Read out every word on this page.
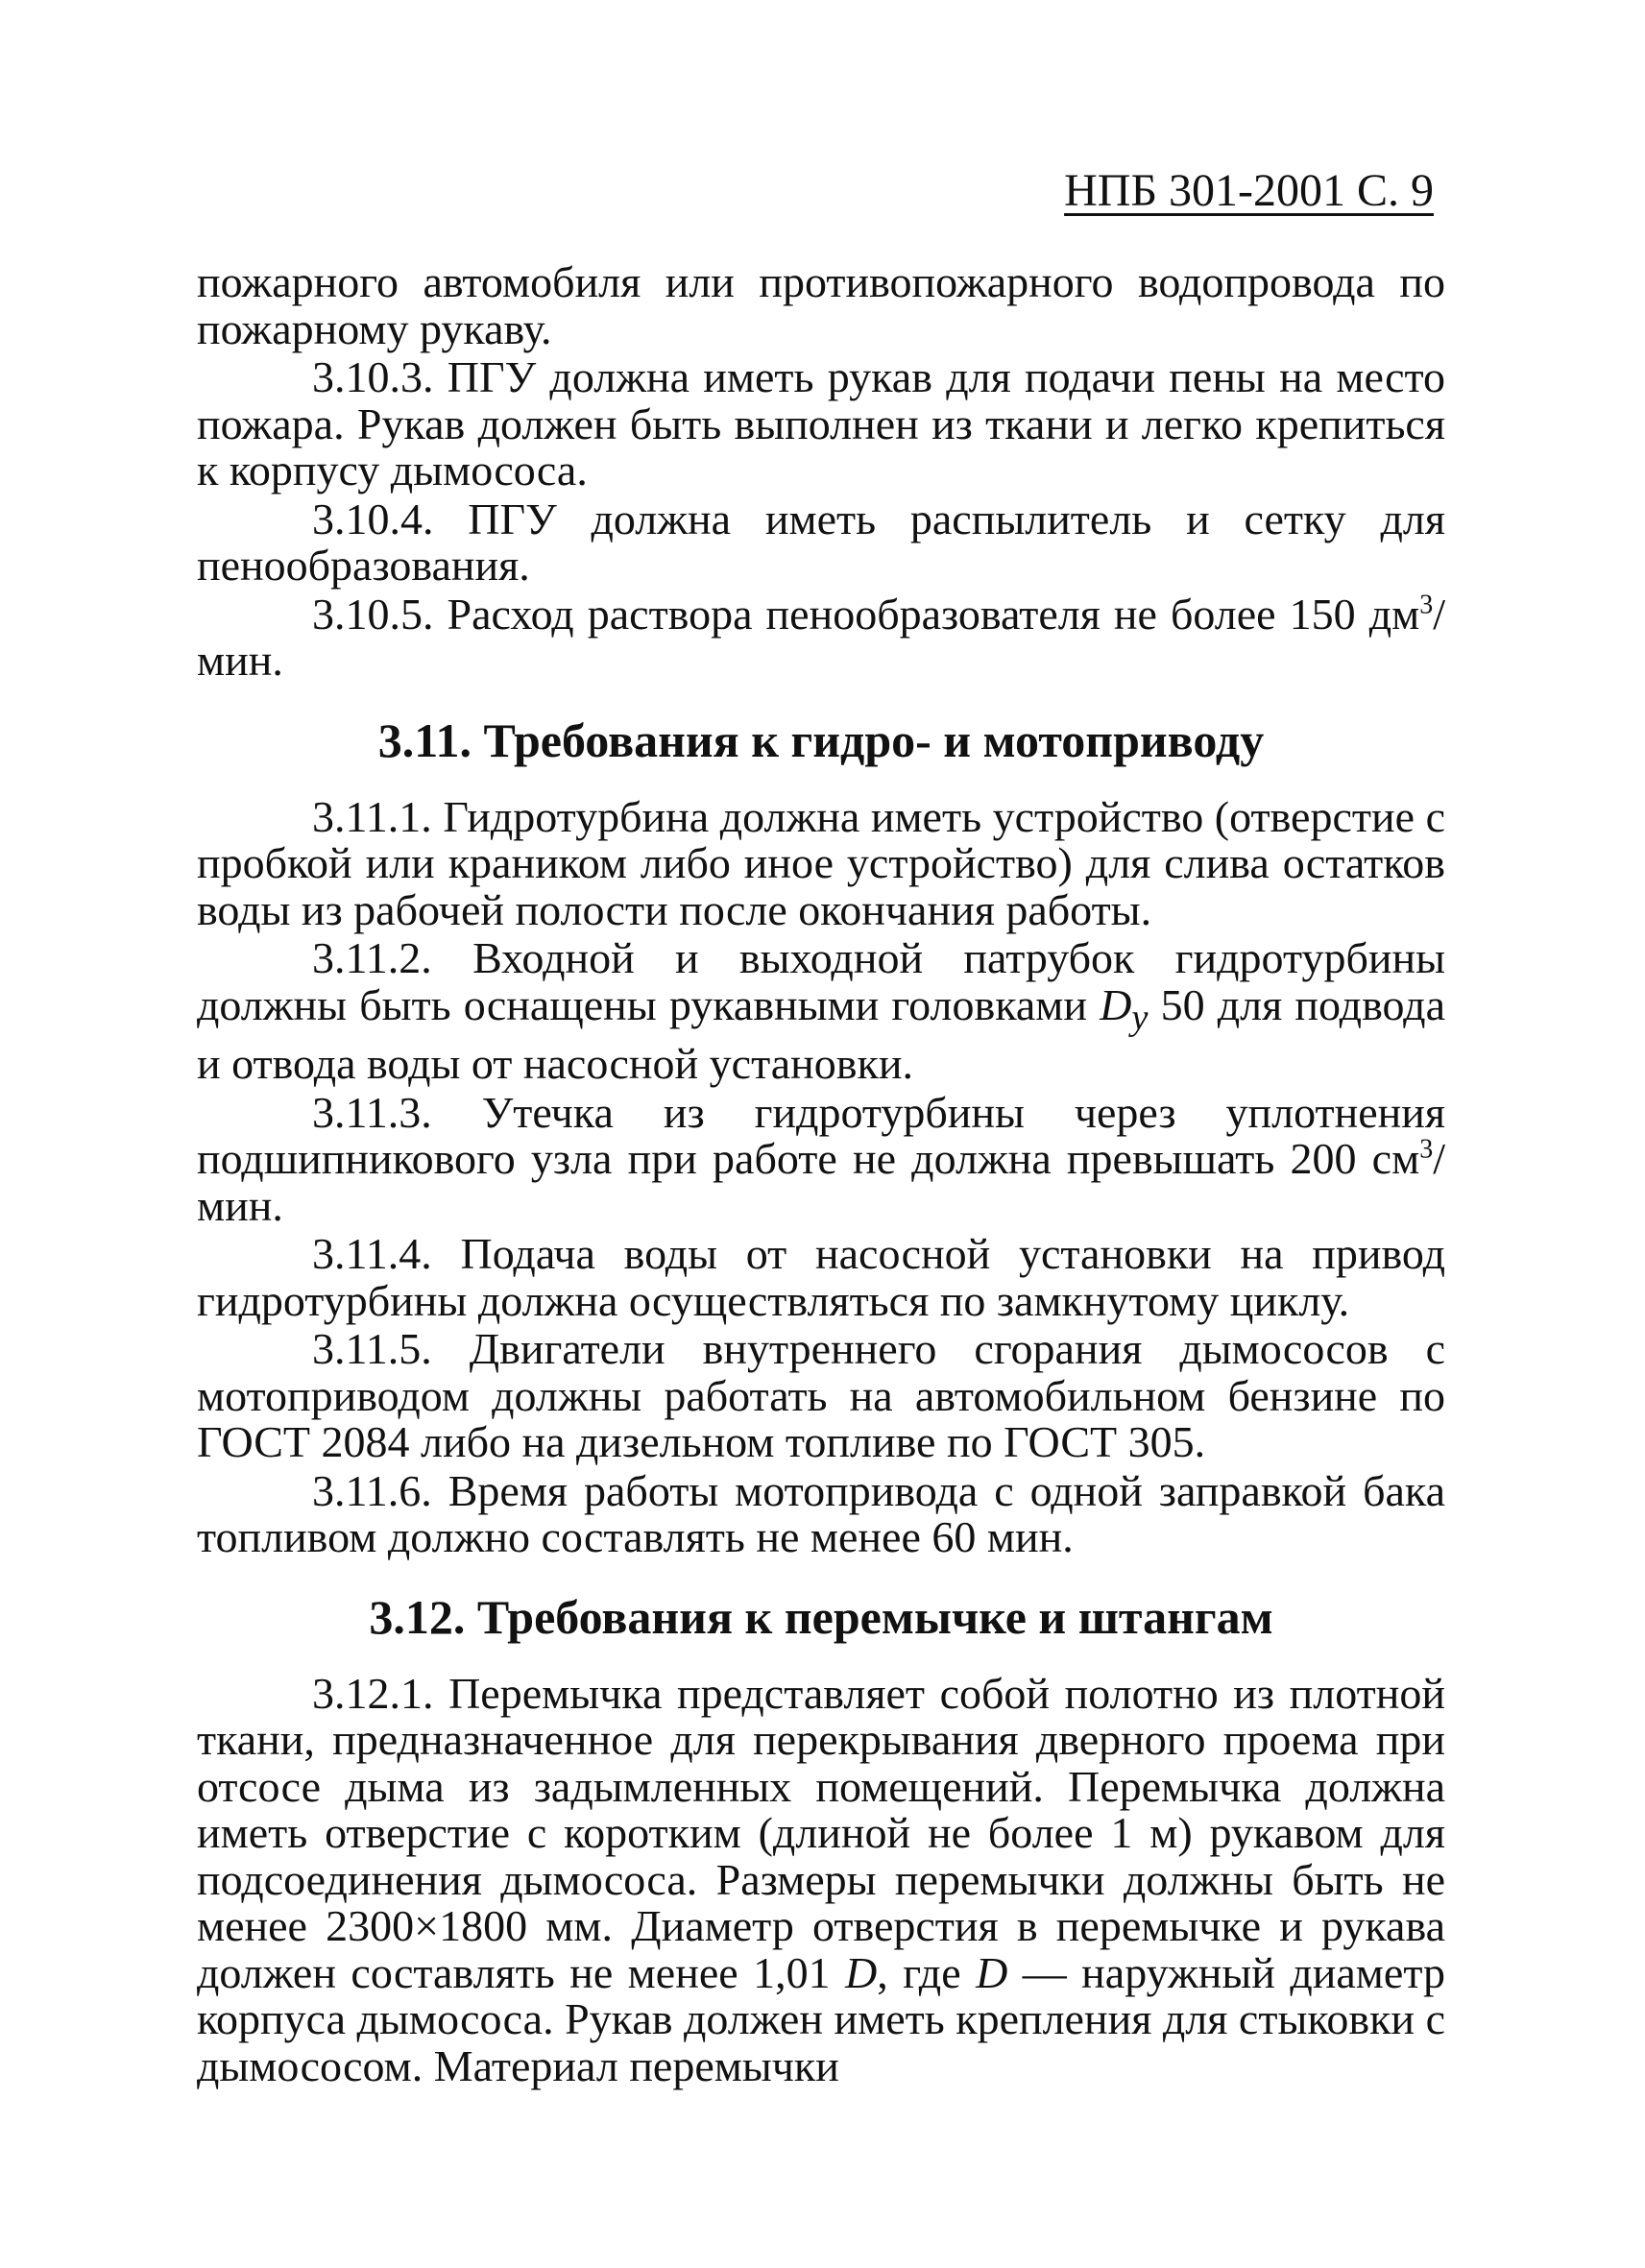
НПБ 301-2001 С. 9

пожарного автомобиля или противопожарного водопровода по пожарному рукаву.

3.10.3. ПГУ должна иметь рукав для подачи пены на место пожара. Рукав должен быть выполнен из ткани и легко крепиться к корпусу дымососа.

3.10.4. ПГУ должна иметь распылитель и сетку для пенообразования.

3.10.5. Расход раствора пенообразователя не более 150 $дм^3$/мин.

3.11. Требования к гидро- и мотоприводу

3.11.1. Гидротурбина должна иметь устройство (отверстие с пробкой или краником либо иное устройство) для слива остатков воды из рабочей полости после окончания работы.

3.11.2. Входной и выходной патрубок гидротурбины должны быть оснащены рукавными головками $D_y$ 50 для подвода и отвода воды от насосной установки.

3.11.3. Утечка из гидротурбины через уплотнения подшипникового узла при работе не должна превышать 200 $см^3$/мин.

3.11.4. Подача воды от насосной установки на привод гидротурбины должна осуществляться по замкнутому циклу.

3.11.5. Двигатели внутреннего сгорания дымососов с мотоприводом должны работать на автомобильном бензине по ГОСТ 2084 либо на дизельном топливе по ГОСТ 305.

3.11.6. Время работы мотопривода с одной заправкой бака топливом должно составлять не менее 60 мин.

3.12. Требования к перемычке и штангам

3.12.1. Перемычка представляет собой полотно из плотной ткани, предназначенное для перекрывания дверного проема при отсосе дыма из задымленных помещений. Перемычка должна иметь отверстие с коротким (длиной не более 1 м) рукавом для подсоединения дымососа. Размеры перемычки должны быть не менее 2300×1800 мм. Диаметр отверстия в перемычке и рукава должен составлять не менее 1,01 D, где D — наружный диаметр корпуса дымососа. Рукав должен иметь крепления для стыковки с дымососом. Материал перемычки
